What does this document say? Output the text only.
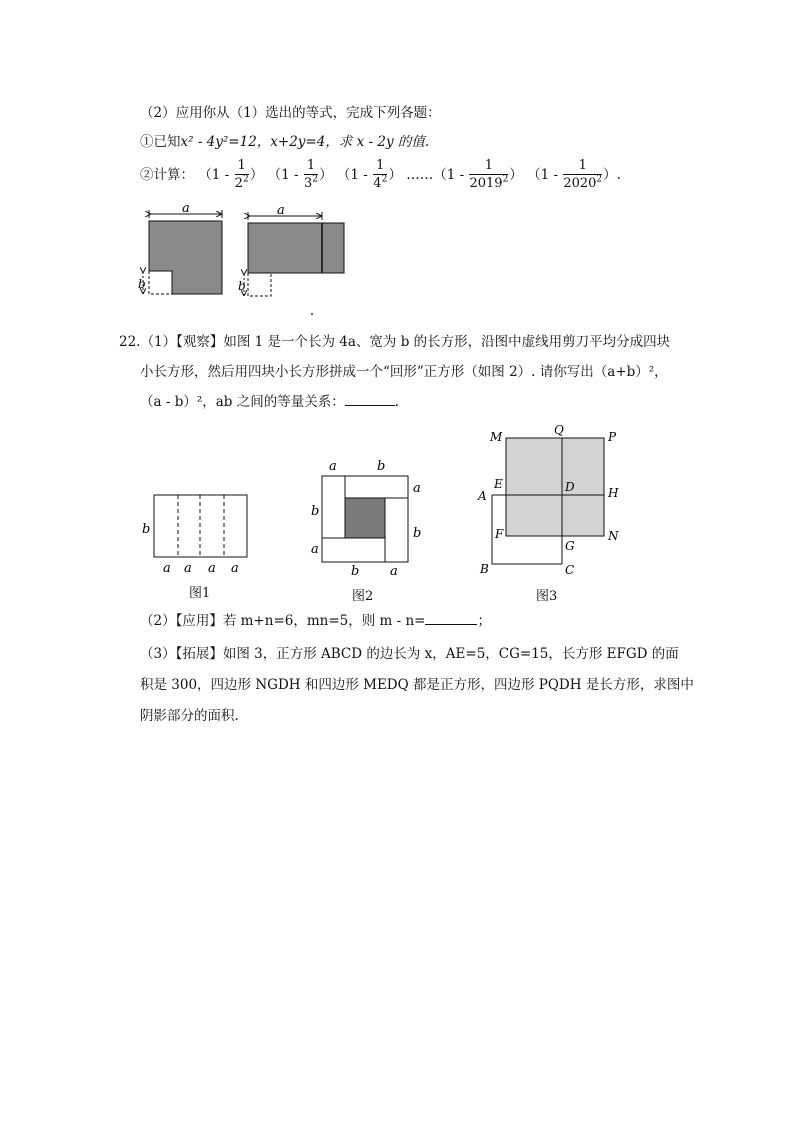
（2）应用你从（1）选出的等式，完成下列各题：
①已知x² - 4y²=12，x+2y=4，求 x - 2y 的值.
②计算： （$1 - \frac{1}{2^2}$ ） （$1 - \frac{1}{3^2}$ ） （$1 - \frac{1}{4^2}$ ） ……（1 - $\frac{1}{2019^2}$ ） （$1 - \frac{1}{2020^2}$ ）.
a
b
a
b
22.（1）【观察】如图 1 是一个长为 4a、宽为 b 的长方形，沿图中虚线用剪刀平均分成四块
小长方形，然后用四块小长方形拼成一个“回形”正方形（如图 2）. 请你写出（a+b）²，
（a - b）²，ab 之间的等量关系：	.
b
a a a a
图1
a	b
a
b
b
a
b a
图2
M	Q	P
E	D	H
A
F
G
N
B	C
图3
（2）【应用】若 m+n=6，mn=5，则 m - n=	；
（3）【拓展】如图 3，正方形 ABCD 的边长为 x，AE=5，CG=15，长方形 EFGD 的面
积是 300，四边形 NGDH 和四边形 MEDQ 都是正方形，四边形 PQDH 是长方形，求图中
阴影部分的面积.
